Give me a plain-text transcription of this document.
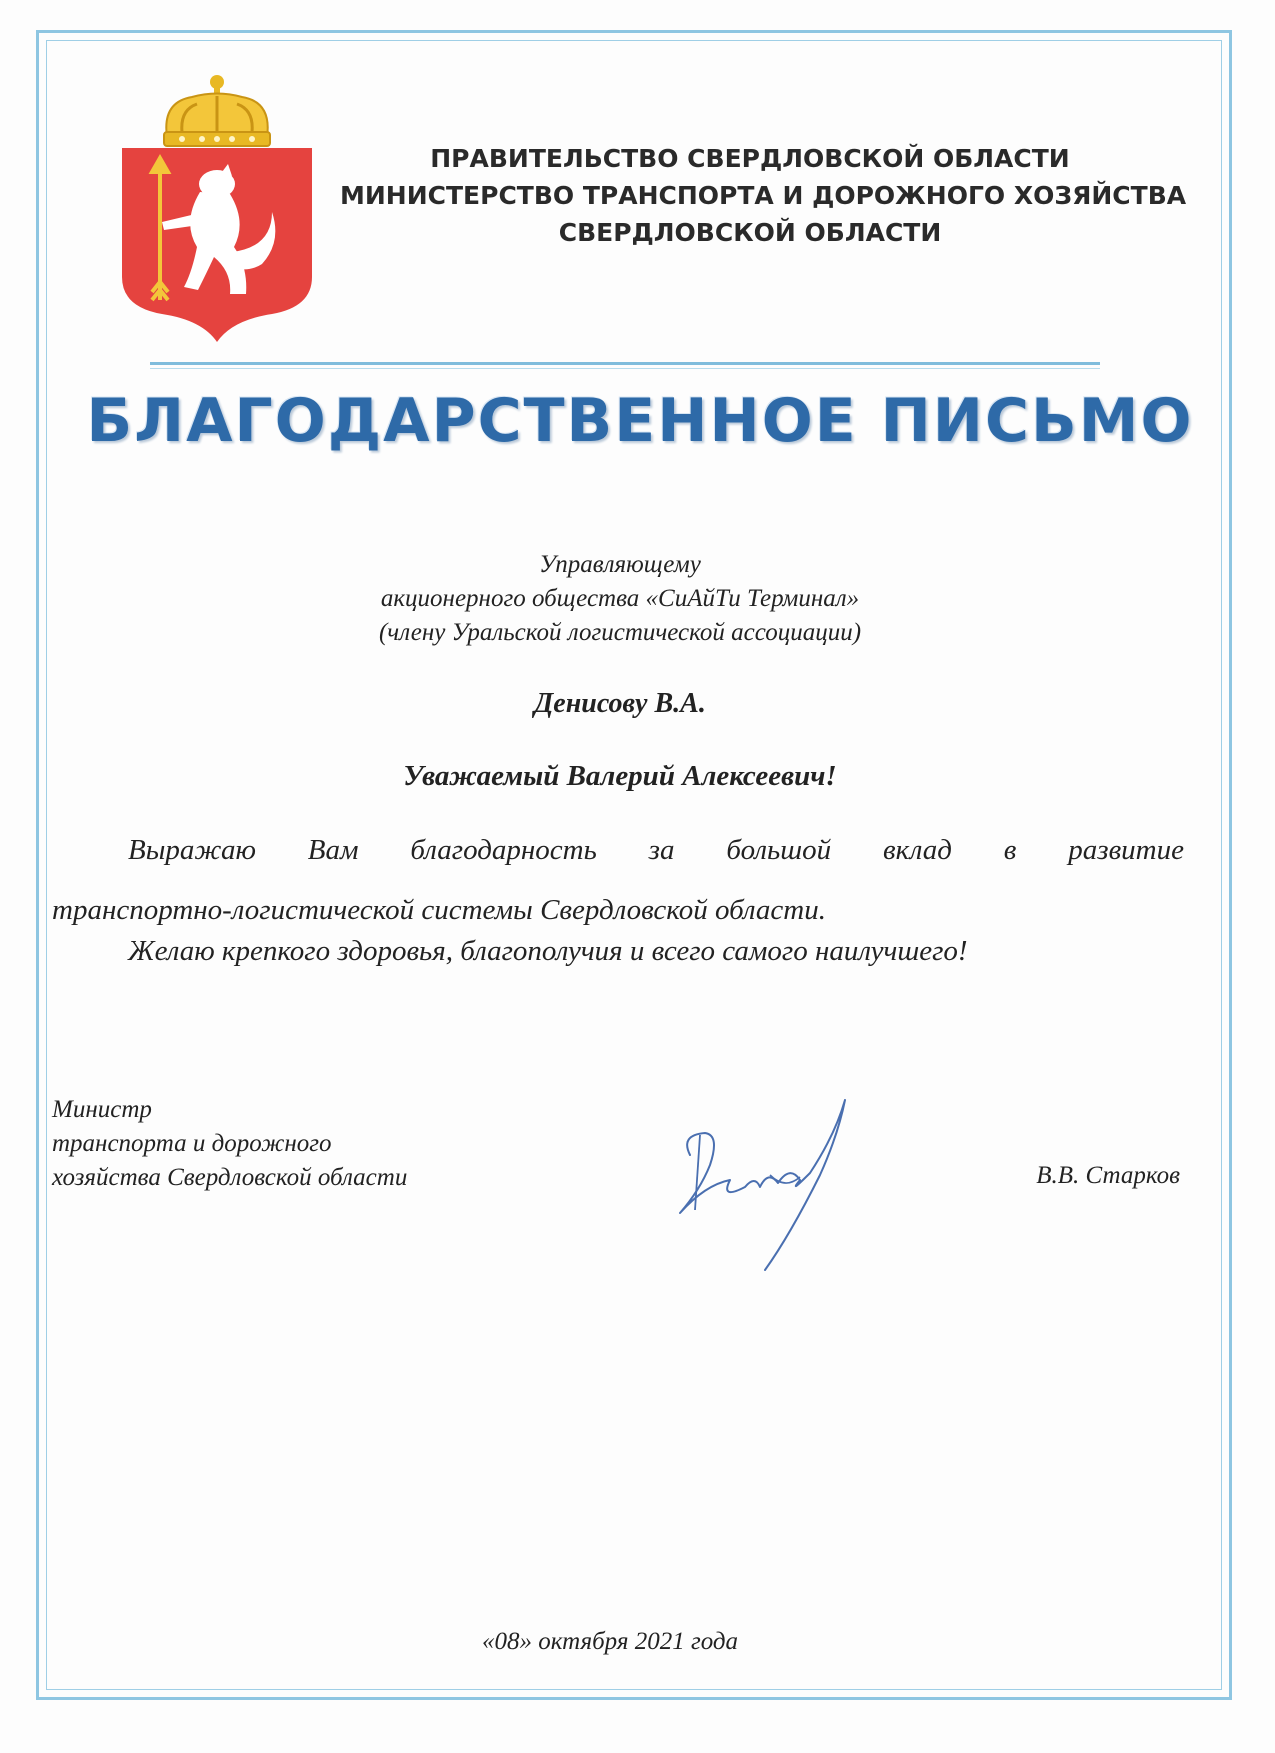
ПРАВИТЕЛЬСТВО СВЕРДЛОВСКОЙ ОБЛАСТИ
МИНИСТЕРСТВО ТРАНСПОРТА И ДОРОЖНОГО ХОЗЯЙСТВА
СВЕРДЛОВСКОЙ ОБЛАСТИ
БЛАГОДАРСТВЕННОЕ ПИСЬМО
Управляющему
акционерного общества «СиАйТи Терминал»
(члену Уральской логистической ассоциации)
Денисову В.А.
Уважаемый Валерий Алексеевич!
Выражаю Вам благодарность за большой вклад в развитие
транспортно-логистической системы Свердловской области.
Желаю крепкого здоровья, благополучия и всего самого наилучшего!
Министр
транспорта и дорожного
хозяйства Свердловской области	В.В. Старков
«08» октября 2021 года
